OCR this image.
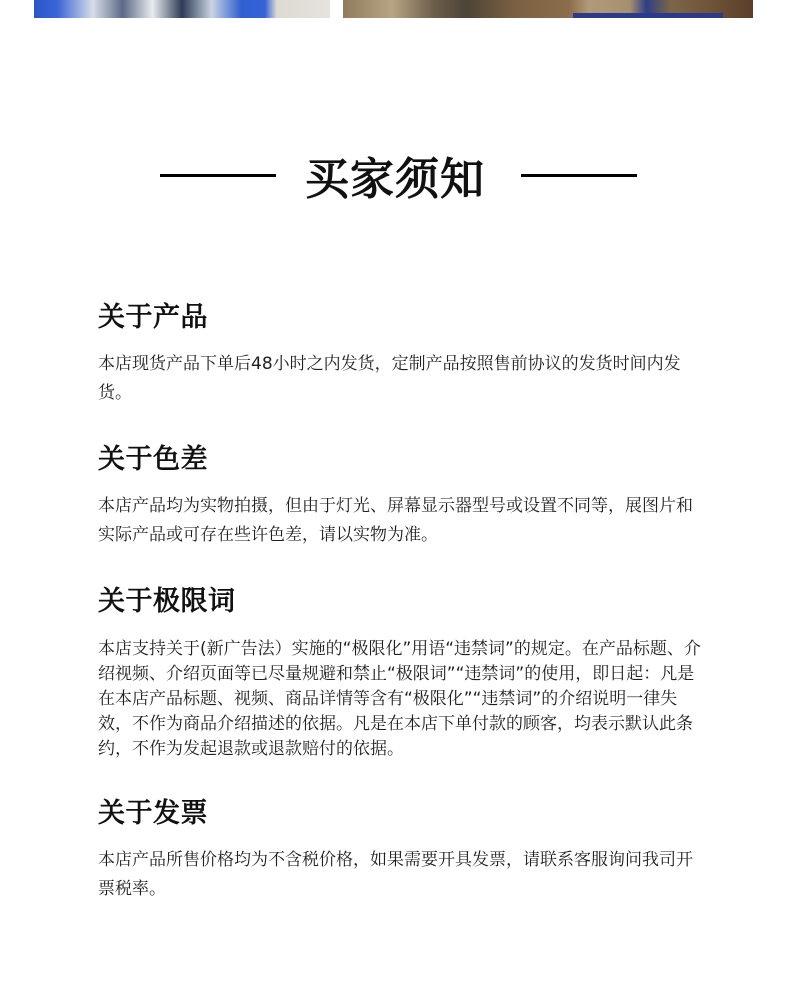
买家须知
关于产品

本店现货产品下单后48小时之内发货，定制产品按照售前协议的发货时间内发货。

关于色差

本店产品均为实物拍摄，但由于灯光、屏幕显示器型号或设置不同等，展图片和实际产品或可存在些许色差，请以实物为准。

关于极限词

本店支持关于(新广告法）实施的“极限化”用语“违禁词”的规定。在产品标题、介绍视频、介绍页面等已尽量规避和禁止“极限词”“违禁词”的使用，即日起：凡是在本店产品标题、视频、商品详情等含有“极限化”“违禁词”的介绍说明一律失效，不作为商品介绍描述的依据。凡是在本店下单付款的顾客，均表示默认此条约，不作为发起退款或退款赔付的依据。

关于发票

本店产品所售价格均为不含税价格，如果需要开具发票，请联系客服询问我司开票税率。
